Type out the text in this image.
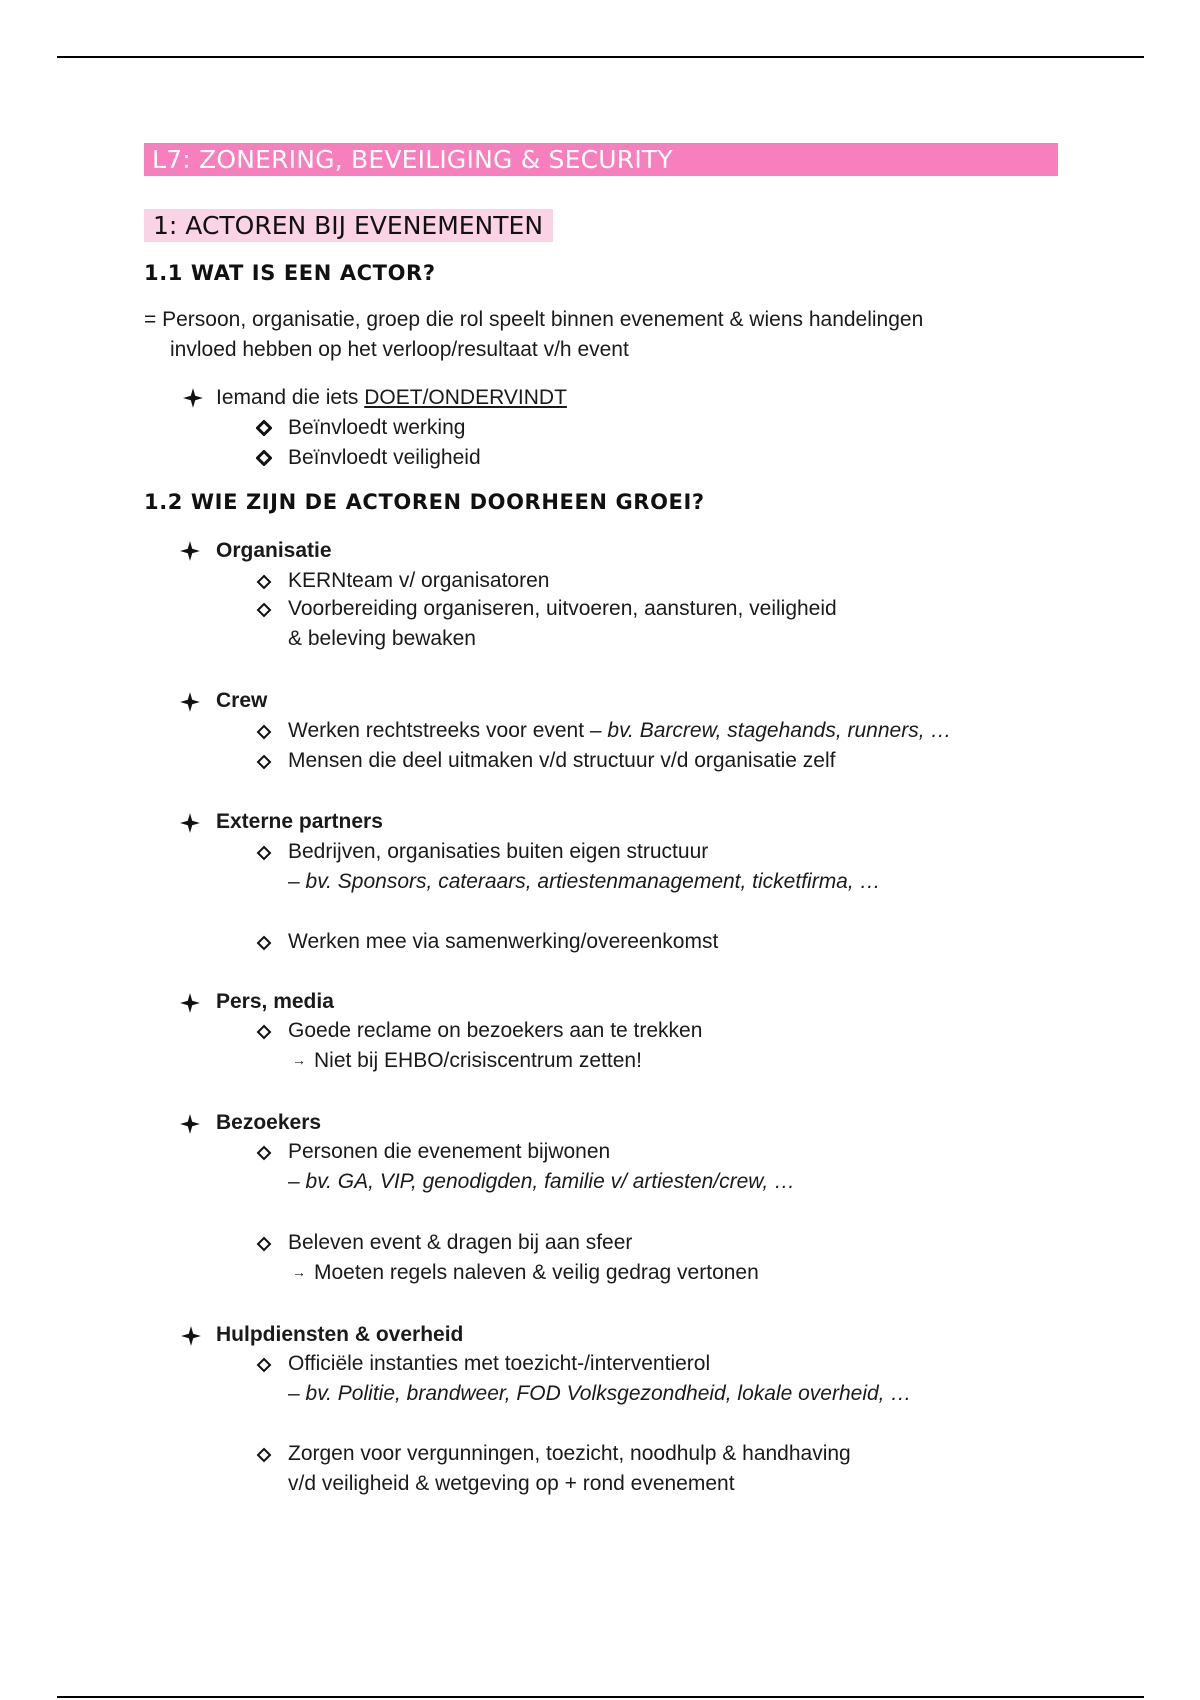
L7: ZONERING, BEVEILIGING & SECURITY
1: ACTOREN BIJ EVENEMENTEN
1.1 WAT IS EEN ACTOR?
= Persoon, organisatie, groep die rol speelt binnen evenement & wiens handelingen
invloed hebben op het verloop/resultaat v/h event
Iemand die iets DOET/ONDERVINDT
Beïnvloedt werking
Beïnvloedt veiligheid
1.2 WIE ZIJN DE ACTOREN DOORHEEN GROEI?
Organisatie
KERNteam v/ organisatoren
Voorbereiding organiseren, uitvoeren, aansturen, veiligheid
& beleving bewaken
Crew
Werken rechtstreeks voor event – bv. Barcrew, stagehands, runners, …
Mensen die deel uitmaken v/d structuur v/d organisatie zelf
Externe partners
Bedrijven, organisaties buiten eigen structuur
– bv. Sponsors, cateraars, artiestenmanagement, ticketfirma, …
Werken mee via samenwerking/overeenkomst
Pers, media
Goede reclame on bezoekers aan te trekken
→ Niet bij EHBO/crisiscentrum zetten!
Bezoekers
Personen die evenement bijwonen
– bv. GA, VIP, genodigden, familie v/ artiesten/crew, …
Beleven event & dragen bij aan sfeer
→ Moeten regels naleven & veilig gedrag vertonen
Hulpdiensten & overheid
Officiële instanties met toezicht-/interventierol
– bv. Politie, brandweer, FOD Volksgezondheid, lokale overheid, …
Zorgen voor vergunningen, toezicht, noodhulp & handhaving
v/d veiligheid & wetgeving op + rond evenement
